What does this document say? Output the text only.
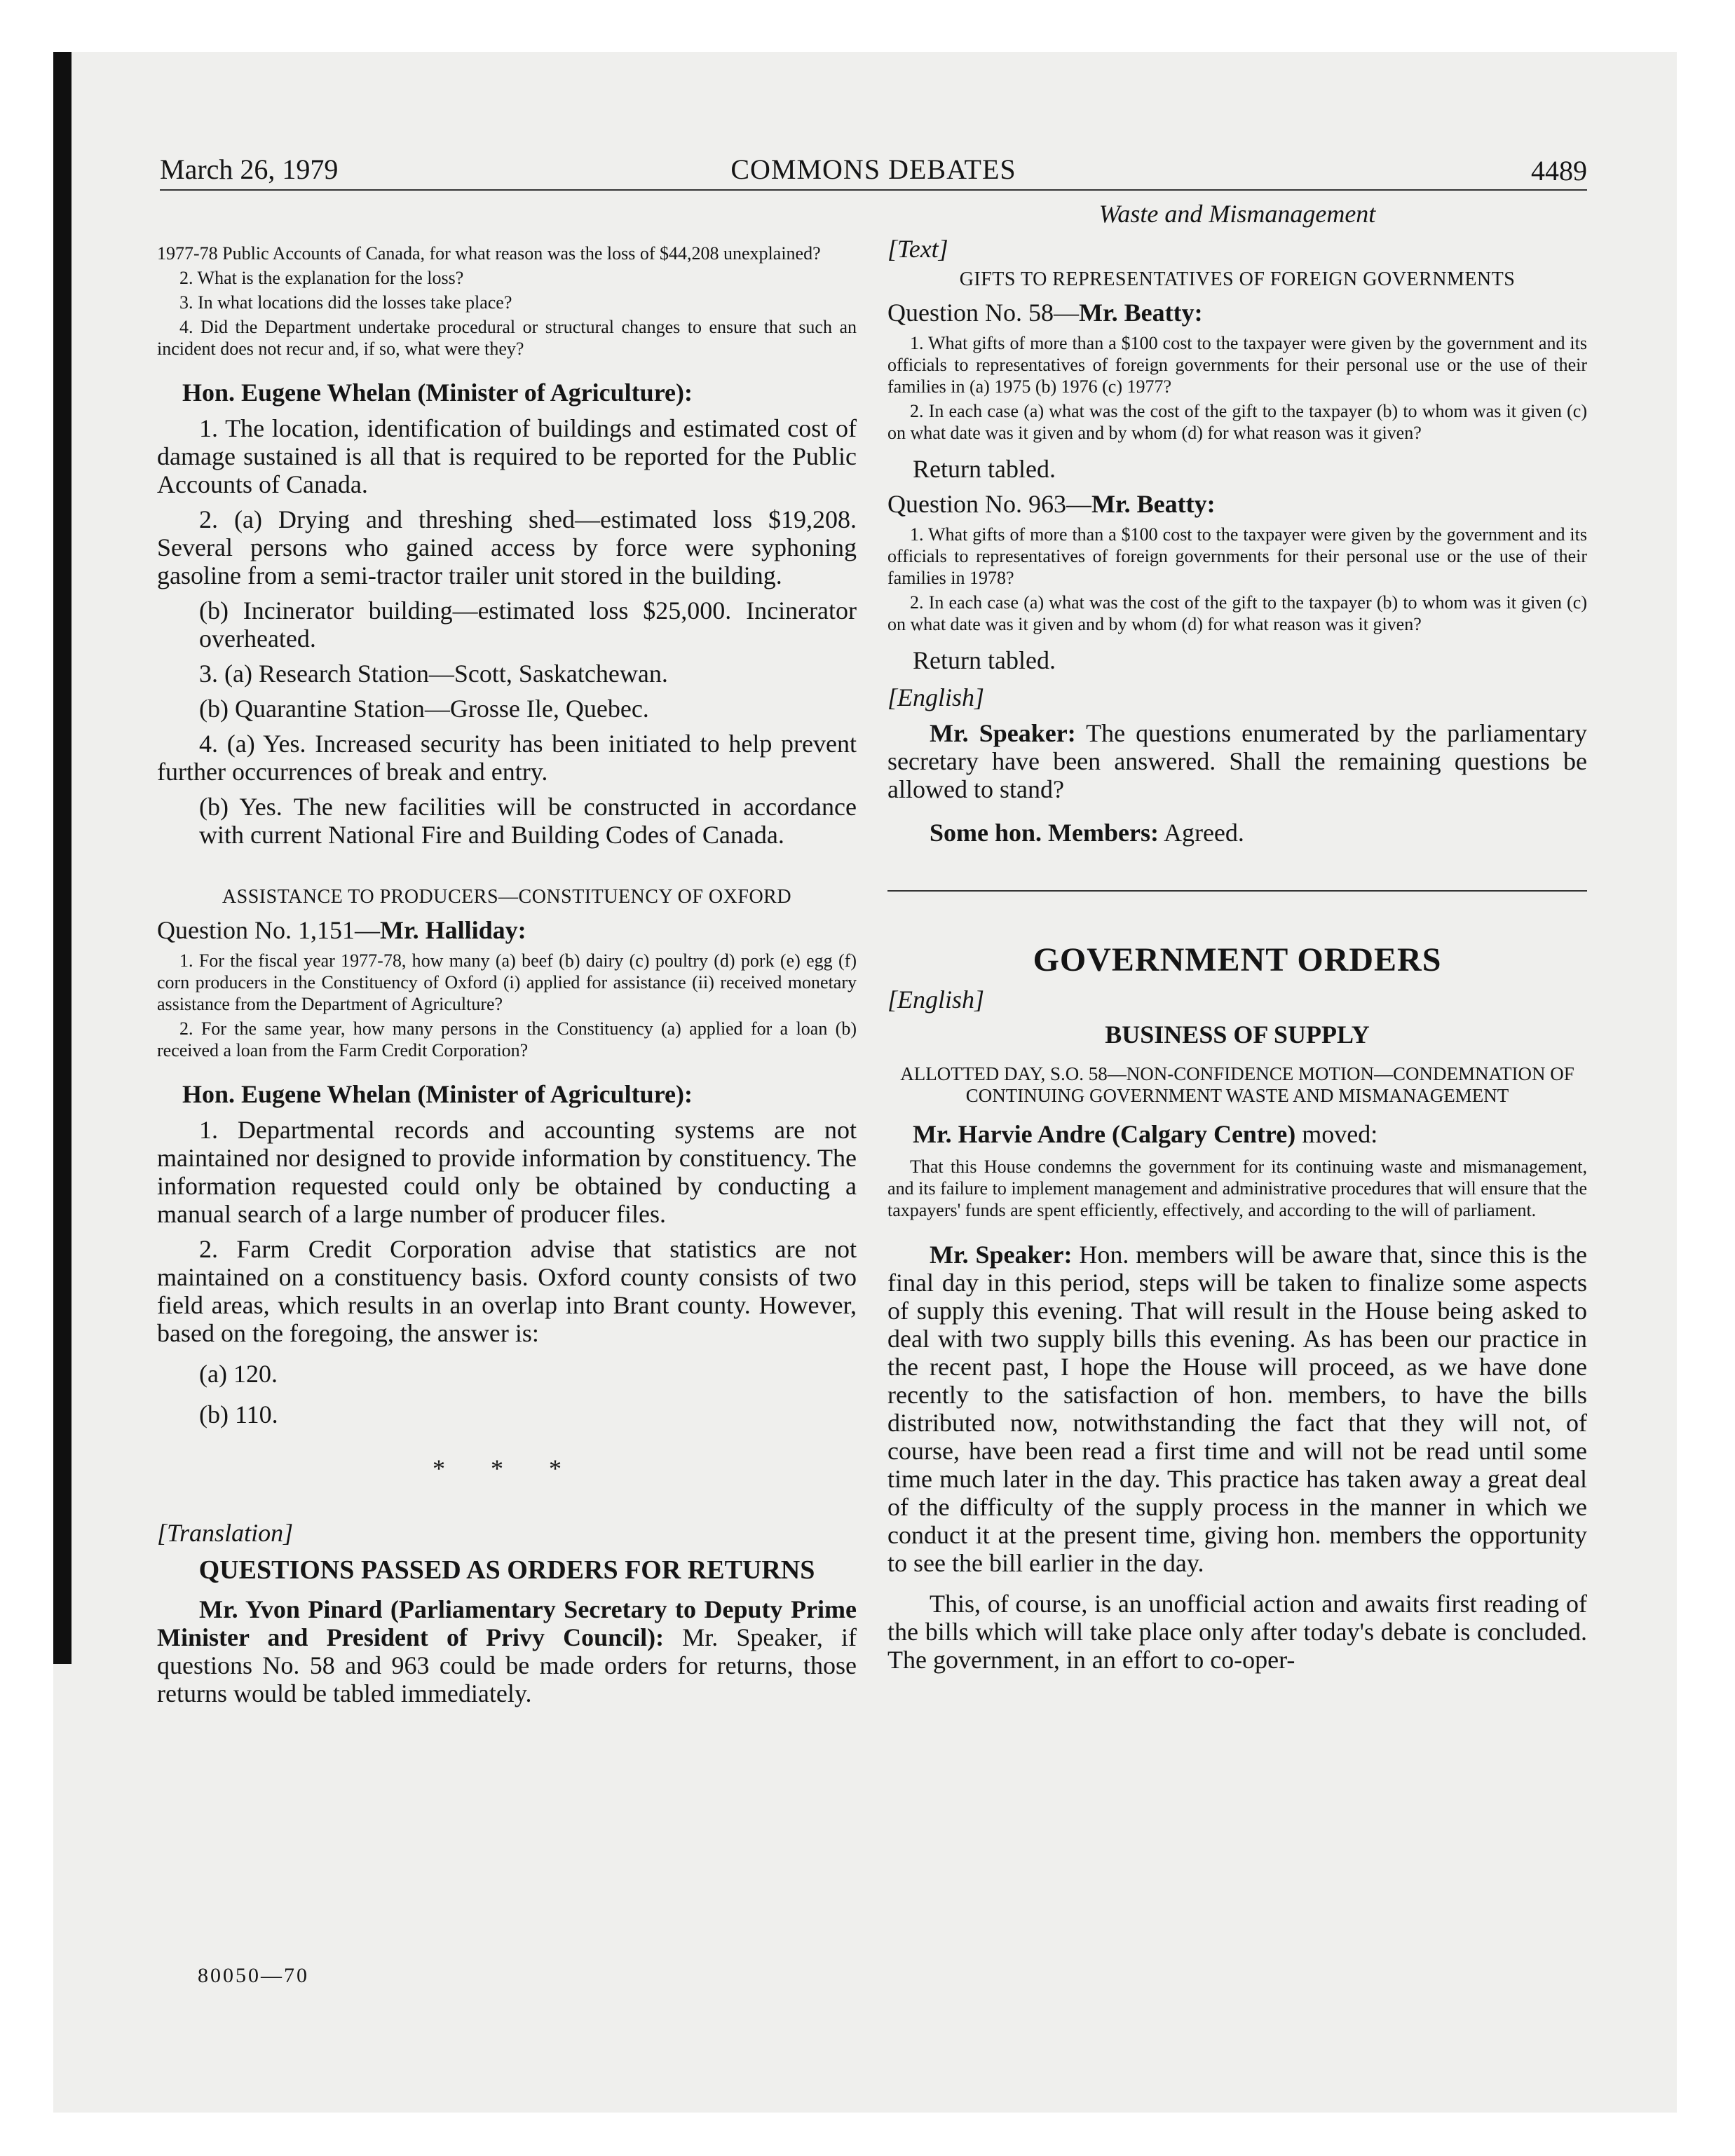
March 26, 1979	COMMONS DEBATES	4489

1977-78 Public Accounts of Canada, for what reason was the loss of $44,208 unexplained?

2. What is the explanation for the loss?

3. In what locations did the losses take place?

4. Did the Department undertake procedural or structural changes to ensure that such an incident does not recur and, if so, what were they?

Hon. Eugene Whelan (Minister of Agriculture):

1. The location, identification of buildings and estimated cost of damage sustained is all that is required to be reported for the Public Accounts of Canada.

2. (a) Drying and threshing shed—estimated loss $19,208. Several persons who gained access by force were syphoning gasoline from a semi-tractor trailer unit stored in the building.

(b) Incinerator building—estimated loss $25,000. Incinerator overheated.

3. (a) Research Station—Scott, Saskatchewan.

(b) Quarantine Station—Grosse Ile, Quebec.

4. (a) Yes. Increased security has been initiated to help prevent further occurrences of break and entry.

(b) Yes. The new facilities will be constructed in accordance with current National Fire and Building Codes of Canada.

ASSISTANCE TO PRODUCERS—CONSTITUENCY OF OXFORD
Question No. 1,151—Mr. Halliday:

1. For the fiscal year 1977-78, how many (a) beef (b) dairy (c) poultry (d) pork (e) egg (f) corn producers in the Constituency of Oxford (i) applied for assistance (ii) received monetary assistance from the Department of Agriculture?

2. For the same year, how many persons in the Constituency (a) applied for a loan (b) received a loan from the Farm Credit Corporation?

Hon. Eugene Whelan (Minister of Agriculture):

1. Departmental records and accounting systems are not maintained nor designed to provide information by constituency. The information requested could only be obtained by conducting a manual search of a large number of producer files.

2. Farm Credit Corporation advise that statistics are not maintained on a constituency basis. Oxford county consists of two field areas, which results in an overlap into Brant county. However, based on the foregoing, the answer is:

(a) 120.

(b) 110.

* * *
[Translation]
QUESTIONS PASSED AS ORDERS FOR RETURNS

Mr. Yvon Pinard (Parliamentary Secretary to Deputy Prime Minister and President of Privy Council): Mr. Speaker, if questions No. 58 and 963 could be made orders for returns, those returns would be tabled immediately.

80050—70
Waste and Mismanagement
[Text]
GIFTS TO REPRESENTATIVES OF FOREIGN GOVERNMENTS
Question No. 58—Mr. Beatty:

1. What gifts of more than a $100 cost to the taxpayer were given by the government and its officials to representatives of foreign governments for their personal use or the use of their families in (a) 1975 (b) 1976 (c) 1977?

2. In each case (a) what was the cost of the gift to the taxpayer (b) to whom was it given (c) on what date was it given and by whom (d) for what reason was it given?

Return tabled.
Question No. 963—Mr. Beatty:

1. What gifts of more than a $100 cost to the taxpayer were given by the government and its officials to representatives of foreign governments for their personal use or the use of their families in 1978?

2. In each case (a) what was the cost of the gift to the taxpayer (b) to whom was it given (c) on what date was it given and by whom (d) for what reason was it given?

Return tabled.
[English]

Mr. Speaker: The questions enumerated by the parliamentary secretary have been answered. Shall the remaining questions be allowed to stand?

Some hon. Members: Agreed.

GOVERNMENT ORDERS
[English]
BUSINESS OF SUPPLY
ALLOTTED DAY, S.O. 58—NON-CONFIDENCE MOTION—CONDEMNATION OF CONTINUING GOVERNMENT WASTE AND MISMANAGEMENT
Mr. Harvie Andre (Calgary Centre) moved:

That this House condemns the government for its continuing waste and mismanagement, and its failure to implement management and administrative procedures that will ensure that the taxpayers' funds are spent efficiently, effectively, and according to the will of parliament.

Mr. Speaker: Hon. members will be aware that, since this is the final day in this period, steps will be taken to finalize some aspects of supply this evening. That will result in the House being asked to deal with two supply bills this evening. As has been our practice in the recent past, I hope the House will proceed, as we have done recently to the satisfaction of hon. members, to have the bills distributed now, notwithstanding the fact that they will not, of course, have been read a first time and will not be read until some time much later in the day. This practice has taken away a great deal of the difficulty of the supply process in the manner in which we conduct it at the present time, giving hon. members the opportunity to see the bill earlier in the day.

This, of course, is an unofficial action and awaits first reading of the bills which will take place only after today's debate is concluded. The government, in an effort to co-oper-
